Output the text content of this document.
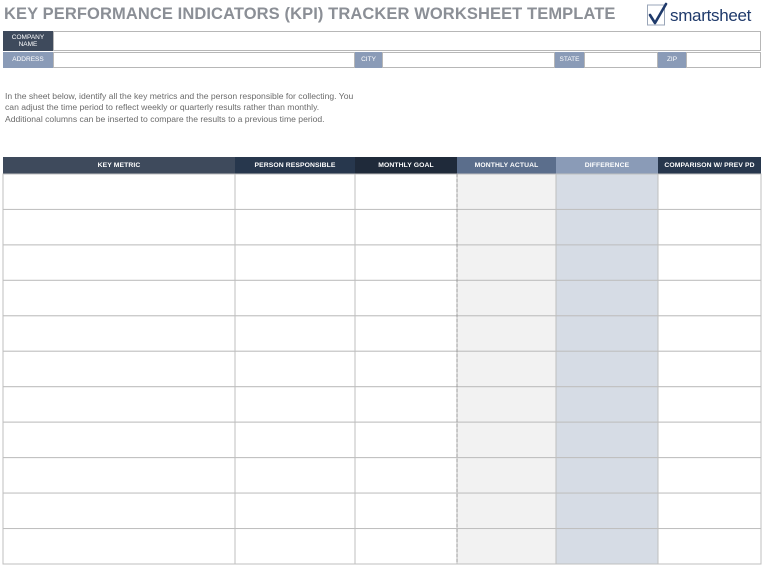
KEY PERFORMANCE INDICATORS (KPI) TRACKER WORKSHEET TEMPLATE	smartsheet
COMPANY NAME
ADDRESS	CITY	STATE	ZIP
In the sheet below, identify all the key metrics and the person responsible for collecting. You can adjust the time period to reflect weekly or quarterly results rather than monthly. Additional columns can be inserted to compare the results to a previous time period.
KEY METRIC	PERSON RESPONSIBLE	MONTHLY GOAL	MONTHLY ACTUAL	DIFFERENCE	COMPARISON W/ PREV PD
